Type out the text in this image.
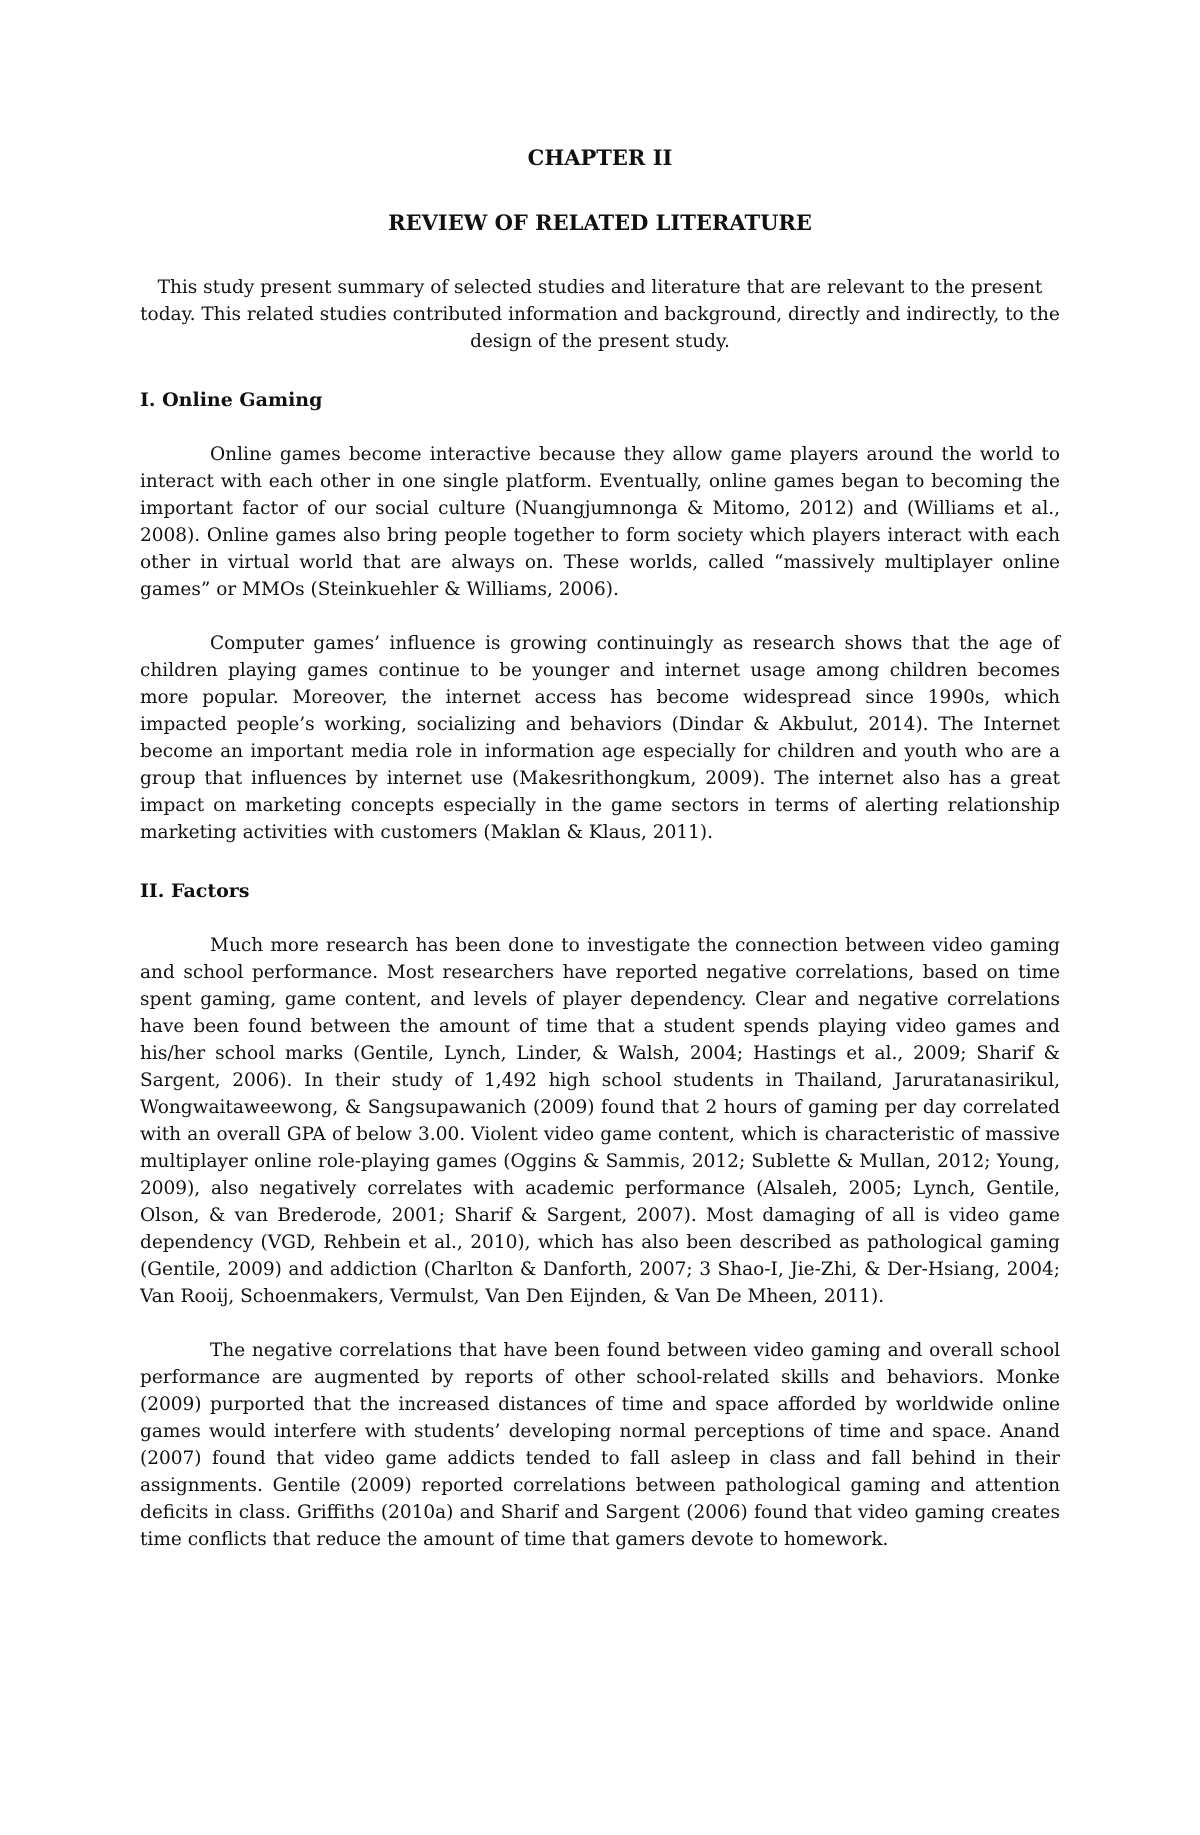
CHAPTER II
REVIEW OF RELATED LITERATURE

This study present summary of selected studies and literature that are relevant to the present today. This related studies contributed information and background, directly and indirectly, to the design of the present study.

I. Online Gaming

Online games become interactive because they allow game players around the world to interact with each other in one single platform. Eventually, online games began to becoming the important factor of our social culture (Nuangjumnonga & Mitomo, 2012) and (Williams et al., 2008). Online games also bring people together to form society which players interact with each other in virtual world that are always on. These worlds, called “massively multiplayer online games” or MMOs (Steinkuehler & Williams, 2006).

Computer games’ influence is growing continuingly as research shows that the age of children playing games continue to be younger and internet usage among children becomes more popular. Moreover, the internet access has become widespread since 1990s, which impacted people’s working, socializing and behaviors (Dindar & Akbulut, 2014). The Internet become an important media role in information age especially for children and youth who are a group that influences by internet use (Makesrithongkum, 2009). The internet also has a great impact on marketing concepts especially in the game sectors in terms of alerting relationship marketing activities with customers (Maklan & Klaus, 2011).

II. Factors

Much more research has been done to investigate the connection between video gaming and school performance. Most researchers have reported negative correlations, based on time spent gaming, game content, and levels of player dependency. Clear and negative correlations have been found between the amount of time that a student spends playing video games and his/her school marks (Gentile, Lynch, Linder, & Walsh, 2004; Hastings et al., 2009; Sharif & Sargent, 2006). In their study of 1,492 high school students in Thailand, Jaruratanasirikul, Wongwaitaweewong, & Sangsupawanich (2009) found that 2 hours of gaming per day correlated with an overall GPA of below 3.00. Violent video game content, which is characteristic of massive multiplayer online role-playing games (Oggins & Sammis, 2012; Sublette & Mullan, 2012; Young, 2009), also negatively correlates with academic performance (Alsaleh, 2005; Lynch, Gentile, Olson, & van Brederode, 2001; Sharif & Sargent, 2007). Most damaging of all is video game dependency (VGD, Rehbein et al., 2010), which has also been described as pathological gaming (Gentile, 2009) and addiction (Charlton & Danforth, 2007; 3 Shao-I, Jie-Zhi, & Der-Hsiang, 2004; Van Rooij, Schoenmakers, Vermulst, Van Den Eijnden, & Van De Mheen, 2011).

The negative correlations that have been found between video gaming and overall school performance are augmented by reports of other school-related skills and behaviors. Monke (2009) purported that the increased distances of time and space afforded by worldwide online games would interfere with students’ developing normal perceptions of time and space. Anand (2007) found that video game addicts tended to fall asleep in class and fall behind in their assignments. Gentile (2009) reported correlations between pathological gaming and attention deficits in class. Griffiths (2010a) and Sharif and Sargent (2006) found that video gaming creates time conflicts that reduce the amount of time that gamers devote to homework.
